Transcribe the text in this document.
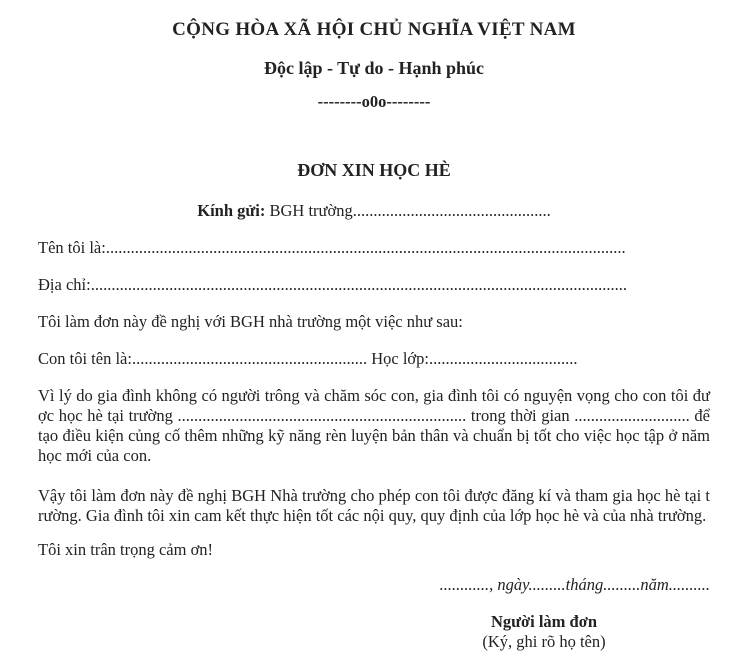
CỘNG HÒA XÃ HỘI CHỦ NGHĨA VIỆT NAM
Độc lập - Tự do - Hạnh phúc
--------o0o--------
ĐƠN XIN HỌC HÈ
Kính gửi: BGH trường................................................
Tên tôi là:..............................................................................................................................
Địa chỉ:..................................................................................................................................
Tôi làm đơn này đề nghị với BGH nhà trường một việc như sau:
Con tôi tên là:......................................................... Học lớp:....................................
Vì lý do gia đình không có người trông và chăm sóc con, gia đình tôi có nguyện vọng cho con tôi được học hè tại trường ...................................................................... trong thời gian ............................ để tạo điều kiện củng cố thêm những kỹ năng rèn luyện bản thân và chuẩn bị tốt cho việc học tập ở năm học mới của con.
Vậy tôi làm đơn này đề nghị BGH Nhà trường cho phép con tôi được đăng kí và tham gia học hè tại trường. Gia đình tôi xin cam kết thực hiện tốt các nội quy, quy định của lớp học hè và của nhà trường.
Tôi xin trân trọng cảm ơn!
............, ngày.........tháng.........năm..........
Người làm đơn
(Ký, ghi rõ họ tên)
